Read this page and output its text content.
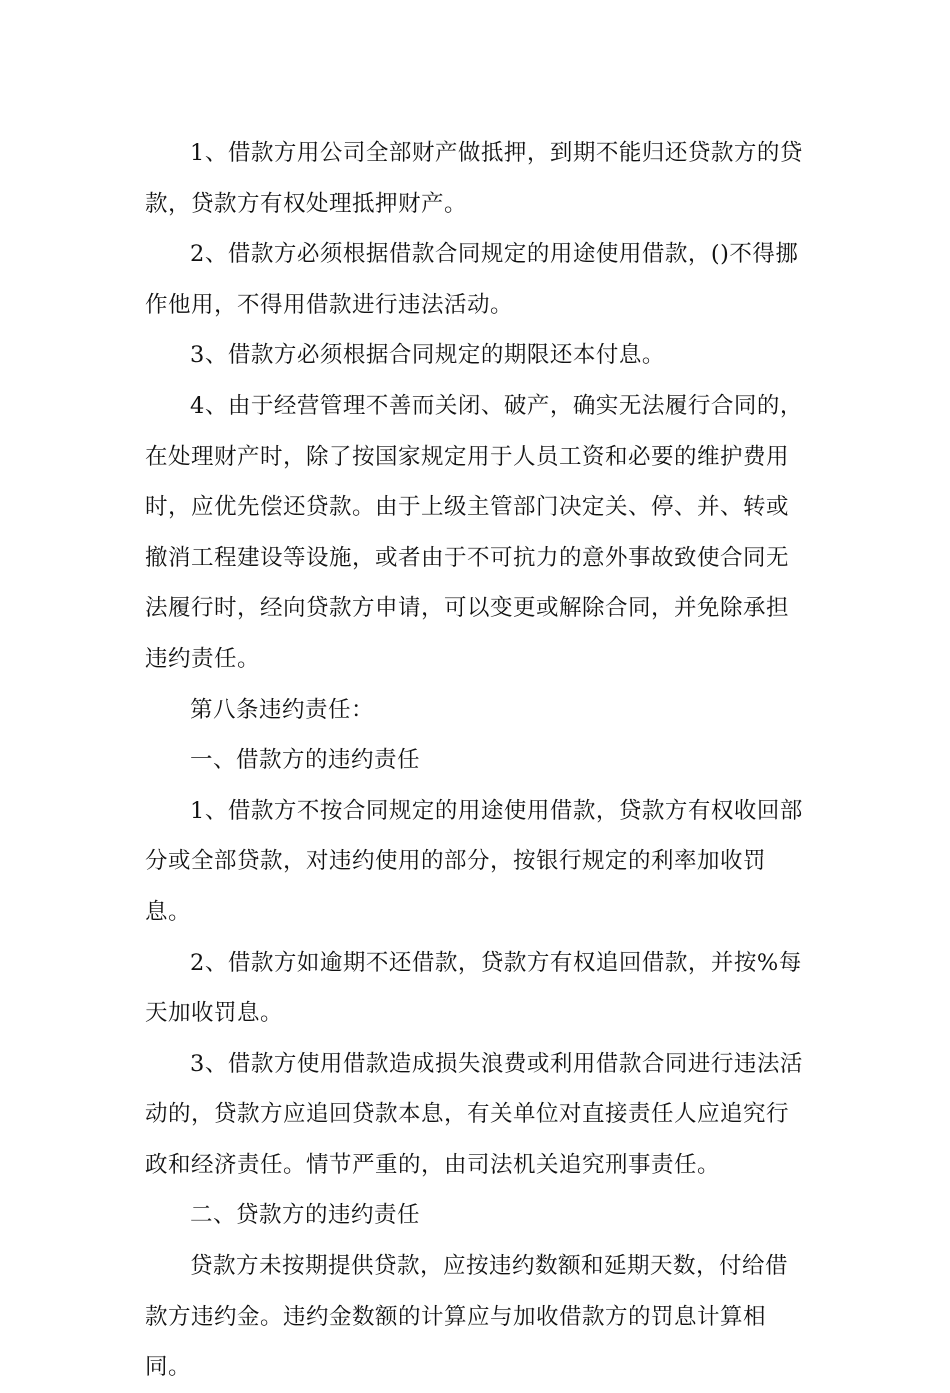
1、借款方用公司全部财产做抵押，到期不能归还贷款方的贷款，贷款方有权处理抵押财产。

2、借款方必须根据借款合同规定的用途使用借款，()不得挪作他用，不得用借款进行违法活动。

3、借款方必须根据合同规定的期限还本付息。

4、由于经营管理不善而关闭、破产，确实无法履行合同的，在处理财产时，除了按国家规定用于人员工资和必要的维护费用时，应优先偿还贷款。由于上级主管部门决定关、停、并、转或撤消工程建设等设施，或者由于不可抗力的意外事故致使合同无法履行时，经向贷款方申请，可以变更或解除合同，并免除承担违约责任。

第八条违约责任：

一、借款方的违约责任

1、借款方不按合同规定的用途使用借款，贷款方有权收回部分或全部贷款，对违约使用的部分，按银行规定的利率加收罚息。

2、借款方如逾期不还借款，贷款方有权追回借款，并按%每天加收罚息。

3、借款方使用借款造成损失浪费或利用借款合同进行违法活动的，贷款方应追回贷款本息，有关单位对直接责任人应追究行政和经济责任。情节严重的，由司法机关追究刑事责任。

二、贷款方的违约责任

贷款方未按期提供贷款，应按违约数额和延期天数，付给借款方违约金。违约金数额的计算应与加收借款方的罚息计算相同。
